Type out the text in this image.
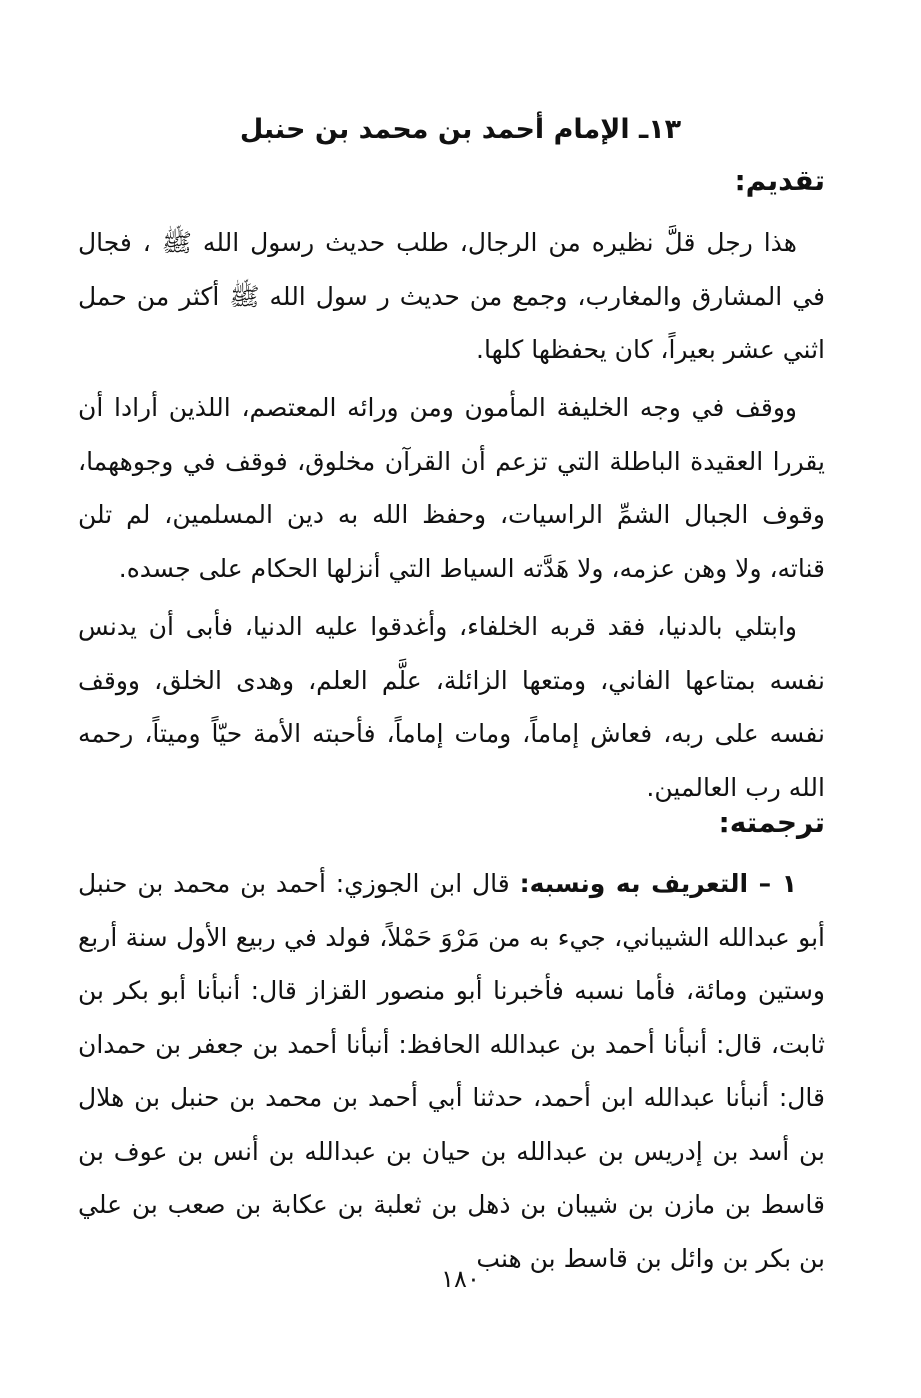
١٣ـ الإمام أحمد بن محمد بن حنبل
تقديم:

هذا رجل قلَّ نظيره من الرجال، طلب حديث رسول الله ﷺ ، فجال في المشارق والمغارب، وجمع من حديث ر سول الله ﷺ أكثر من حمل اثني عشر بعيراً، كان يحفظها كلها.

ووقف في وجه الخليفة المأمون ومن ورائه المعتصم، اللذين أرادا أن يقررا العقيدة الباطلة التي تزعم أن القرآن مخلوق، فوقف في وجوههما، وقوف الجبال الشمِّ الراسيات، وحفظ الله به دين المسلمين، لم تلن قناته، ولا وهن عزمه، ولا هَدَّته السياط التي أنزلها الحكام على جسده.

وابتلي بالدنيا، فقد قربه الخلفاء، وأغدقوا عليه الدنيا، فأبى أن يدنس نفسه بمتاعها الفاني، ومتعها الزائلة، علَّم العلم، وهدى الخلق، ووقف نفسه على ربه، فعاش إماماً، ومات إماماً، فأحبته الأمة حيّاً وميتاً، رحمه الله رب العالمين.

ترجمته:

١ – التعريف به ونسبه: قال ابن الجوزي: أحمد بن محمد بن حنبل أبو عبدالله الشيباني، جيء به من مَرْوَ حَمْلاً، فولد في ربيع الأول سنة أربع وستين ومائة، فأما نسبه فأخبرنا أبو منصور القزاز قال: أنبأنا أبو بكر بن ثابت، قال: أنبأنا أحمد بن عبدالله الحافظ: أنبأنا أحمد بن جعفر بن حمدان قال: أنبأنا عبدالله ابن أحمد، حدثنا أبي أحمد بن محمد بن حنبل بن هلال بن أسد بن إدريس بن عبدالله بن حيان بن عبدالله بن أنس بن عوف بن قاسط بن مازن بن شيبان بن ذهل بن ثعلبة بن عكابة بن صعب بن علي بن بكر بن وائل بن قاسط بن هنب

١٨٠
